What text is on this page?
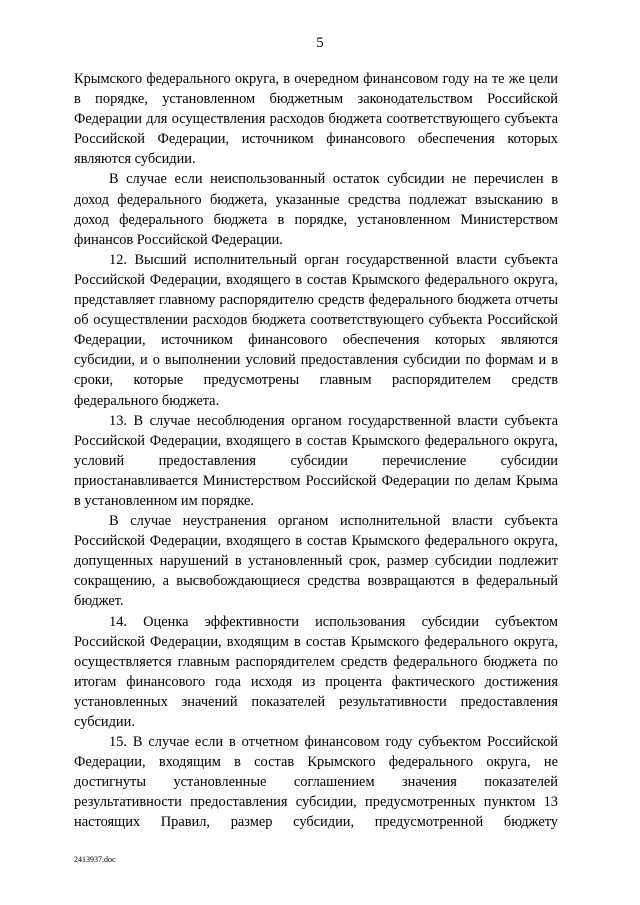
5

Крымского федерального округа, в очередном финансовом году на те же цели в порядке, установленном бюджетным законодательством Российской Федерации для осуществления расходов бюджета соответствующего субъекта Российской Федерации, источником финансового обеспечения которых являются субсидии.

В случае если неиспользованный остаток субсидии не перечислен в доход федерального бюджета, указанные средства подлежат взысканию в доход федерального бюджета в порядке, установленном Министерством финансов Российской Федерации.

12. Высший исполнительный орган государственной власти субъекта Российской Федерации, входящего в состав Крымского федерального округа, представляет главному распорядителю средств федерального бюджета отчеты об осуществлении расходов бюджета соответствующего субъекта Российской Федерации, источником финансового обеспечения которых являются субсидии, и о выполнении условий предоставления субсидии по формам и в сроки, которые предусмотрены главным распорядителем средств федерального бюджета.

13. В случае несоблюдения органом государственной власти субъекта Российской Федерации, входящего в состав Крымского федерального округа, условий предоставления субсидии перечисление субсидии приостанавливается Министерством Российской Федерации по делам Крыма в установленном им порядке.

В случае неустранения органом исполнительной власти субъекта Российской Федерации, входящего в состав Крымского федерального округа, допущенных нарушений в установленный срок, размер субсидии подлежит сокращению, а высвобождающиеся средства возвращаются в федеральный бюджет.

14. Оценка эффективности использования субсидии субъектом Российской Федерации, входящим в состав Крымского федерального округа, осуществляется главным распорядителем средств федерального бюджета по итогам финансового года исходя из процента фактического достижения установленных значений показателей результативности предоставления субсидии.

15. В случае если в отчетном финансовом году субъектом Российской Федерации, входящим в состав Крымского федерального округа, не достигнуты установленные соглашением значения показателей результативности предоставления субсидии, предусмотренных пунктом 13 настоящих Правил, размер субсидии, предусмотренной бюджету

2413937.doc
